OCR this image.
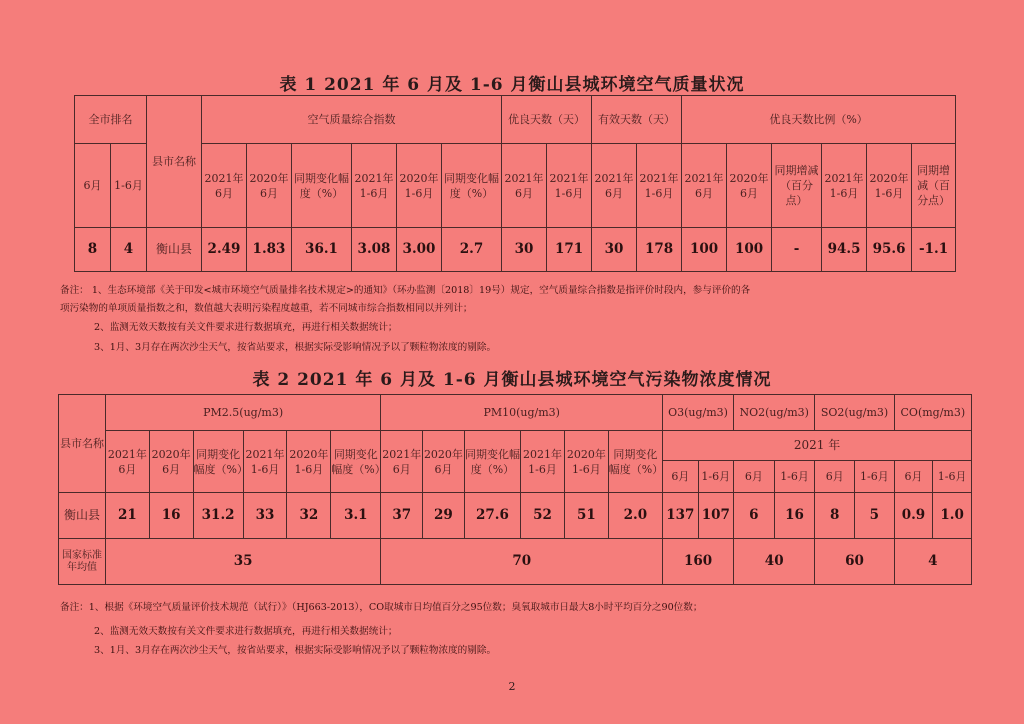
表 1 2021 年 6 月及 1-6 月衡山县城环境空气质量状况
全市排名		县市名称	空气质量综合指数						优良天数（天）		有效天数（天）		优良天数比例（%）					
6月	1-6月		2021年6月	2020年6月	同期变化幅度（%）	2021年1-6月	2020年1-6月	同期变化幅度（%）	2021年6月	2021年1-6月	2021年6月	2021年1-6月	2021年6月	2020年6月	同期增减（百分点）	2021年1-6月	2020年1-6月	同期增减（百分点）
8	4	衡山县	2.49	1.83	36.1	3.08	3.00	2.7	30	171	30	178	100	100	-	94.5	95.6	-1.1
备注： 1、生态环境部《关于印发<城市环境空气质量排名技术规定>的通知》（环办监测〔2018〕19号）规定，空气质量综合指数是指评价时段内，参与评价的各
项污染物的单项质量指数之和，数值越大表明污染程度越重，若不同城市综合指数相同以并列计；
2、监测无效天数按有关文件要求进行数据填充，再进行相关数据统计；
3、1月、3月存在两次沙尘天气，按省站要求，根据实际受影响情况予以了颗粒物浓度的剔除。
表 2 2021 年 6 月及 1-6 月衡山县城环境空气污染物浓度情况
县市名称	PM2.5(ug/m3)						PM10(ug/m3)						O3(ug/m3)		NO2(ug/m3)		SO2(ug/m3)		CO(mg/m3)	
	2021年6月	2020年6月	同期变化幅度（%）	2021年1-6月	2020年1-6月	同期变化幅度（%）	2021年6月	2020年6月	同期变化幅度（%）	2021年1-6月	2020年1-6月	同期变化幅度（%）	2021 年							
													6月	1-6月	6月	1-6月	6月	1-6月	6月	1-6月
衡山县	21	16	31.2	33	32	3.1	37	29	27.6	52	51	2.0	137	107	6	16	8	5	0.9	1.0
国家标准年均值	35						70						160		40		60		4	
备注：1、根据《环境空气质量评价技术规范（试行）》（HJ663-2013），CO取城市日均值百分之95位数；臭氧取城市日最大8小时平均百分之90位数；
2、监测无效天数按有关文件要求进行数据填充，再进行相关数据统计；
3、1月、3月存在两次沙尘天气，按省站要求，根据实际受影响情况予以了颗粒物浓度的剔除。
2
